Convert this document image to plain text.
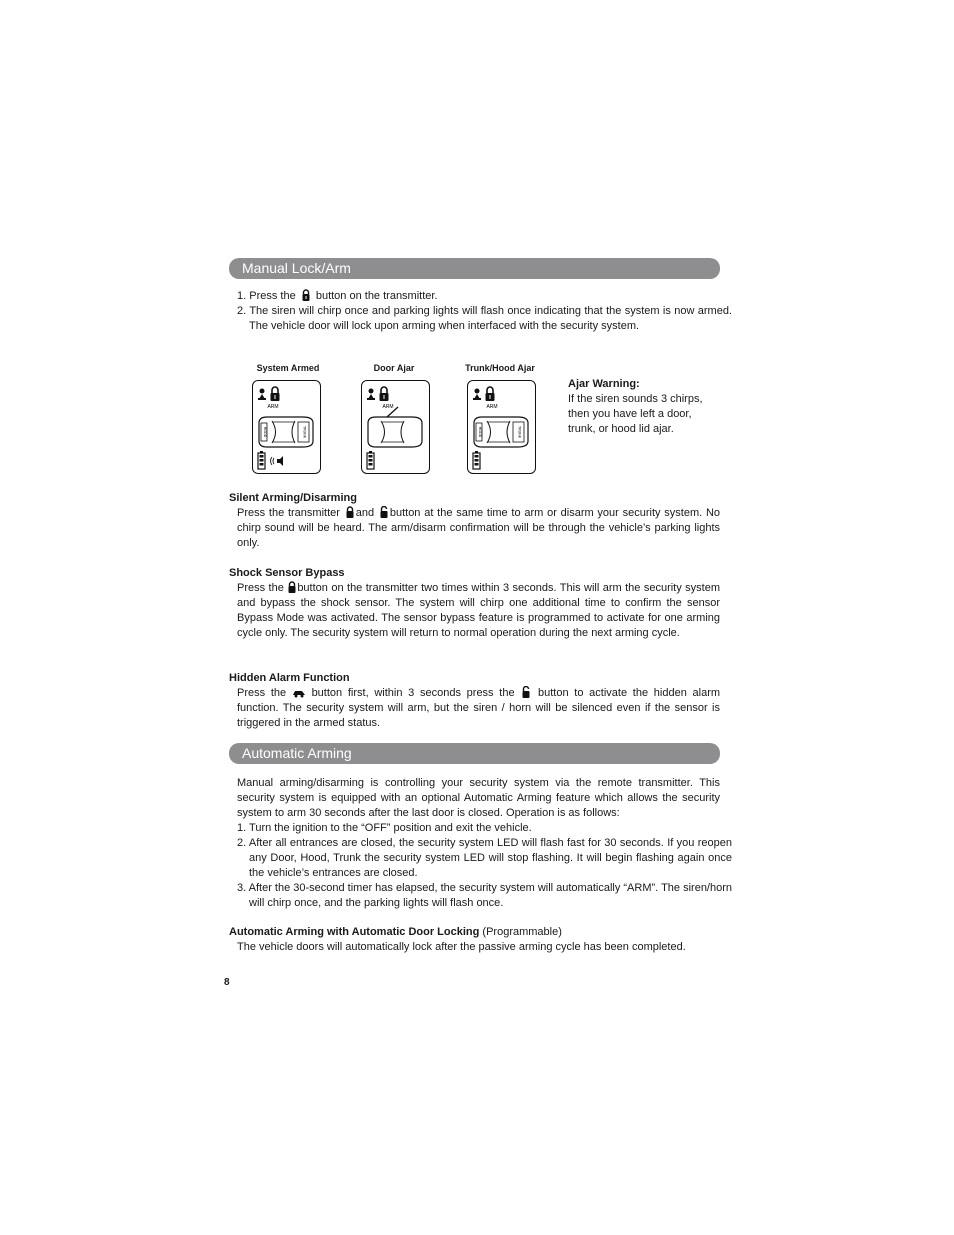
Manual Lock/Arm
1. Press the button on the transmitter.
2. The siren will chirp once and parking lights will flash once indicating that the system is now armed. The vehicle door will lock upon arming when interfaced with the security system.
System Armed	Door Ajar	Trunk/Hood Ajar
ARM
HOOD	TRUNK
ARM	ARM
HOOD	TRUNK
Ajar Warning:
If the siren sounds 3 chirps, then you have left a door, trunk, or hood lid ajar.
Silent Arming/Disarming
Press the transmitter and button at the same time to arm or disarm your security system. No chirp sound will be heard. The arm/disarm confirmation will be through the vehicle’s parking lights only.
Shock Sensor Bypass
Press the button on the transmitter two times within 3 seconds. This will arm the security system and bypass the shock sensor. The system will chirp one additional time to confirm the sensor Bypass Mode was activated. The sensor bypass feature is programmed to activate for one arming cycle only. The security system will return to normal operation during the next arming cycle.
Hidden Alarm Function
Press the button first, within 3 seconds press the button to activate the hidden alarm function. The security system will arm, but the siren / horn will be silenced even if the sensor is triggered in the armed status.
Automatic Arming
Manual arming/disarming is controlling your security system via the remote transmitter. This security system is equipped with an optional Automatic Arming feature which allows the security system to arm 30 seconds after the last door is closed. Operation is as follows:
1. Turn the ignition to the “OFF” position and exit the vehicle.
2. After all entrances are closed, the security system LED will flash fast for 30 seconds. If you reopen any Door, Hood, Trunk the security system LED will stop flashing. It will begin flashing again once the vehicle’s entrances are closed.
3. After the 30-second timer has elapsed, the security system will automatically “ARM”. The siren/horn will chirp once, and the parking lights will flash once.
Automatic Arming with Automatic Door Locking (Programmable)
The vehicle doors will automatically lock after the passive arming cycle has been completed.
8
